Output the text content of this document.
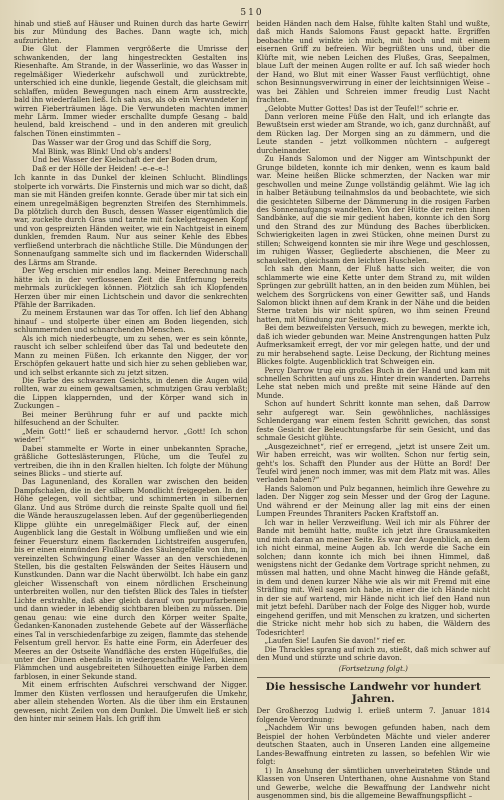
510

hinab und stieß auf Häuser und Ruinen durch das harte Gewirr bis zur Mündung des Baches. Dann wagte ich, mich aufzurichten.

Die Glut der Flammen vergrößerte die Umrisse der schwankenden, der lang hingestreckten Gestalten ins Riesenhafte. Am Strande, in der Wasserlinie, wo das Wasser in regelmäßiger Wiederkehr aufschwoll und zurücktrebte, unterschied ich eine dunkle, liegende Gestalt, die gleichsam mit schlaffen, müden Bewegungen nach einem Arm ausstreckte, bald ihn wiederfallen ließ. Ich sah aus, als ob ein Verwundeter in wirren Fieberträumen läge. Die Verwundeten machten immer mehr Lärm. Immer wieder erschallte dumpfe Gesang – bald heulend, bald kreischend – und in den anderen mit greulich falschen Tönen einstimmten –

Das Wasser war der Grog und das Schiff die Sorg,
Mal Blink, was Blink! Und ob's anders!
Und bei Wasser der Kielschaft der der Boden drum,
Daß er der Hölle der Heiden! –e–e–e–!

Ich kannte in das Dunkel der kleinen Schlucht. Blindlings stolperte ich vorwärts. Die Finsternis und mich war so dicht, daß man sie mit Händen greifen konnte. Gerade über mir tat sich ein einem unregelmäßigen begrenzten Streifen des Sternhimmels. Da plötzlich durch den Busch, dessen Wasser eigentümlich die war, zuckelte durch Gras und tarnte mit fackelgetragenen Kopf und von gespreizten Händen weiter, wie ein Nachtgeist in einem dunklen, fremden Raum. Nur aus seiner Kehle des Ebbes verfließend unterbrach die nächtliche Stille. Die Mündungen der Sonnenaufgang sammelte sich und im flackernden Widerschall des Lärms am Strande.

Der Weg erschien mir endlos lang. Meiner Berechnung nach hätte ich in der verflossenen Zeit die Entfernung bereits mehrmals zurücklegen können. Plötzlich sah ich Klopfenden Herzen über mir einen Lichtschein und davor die senkrechten Pfähle der Barrikaden.

Zu meinem Erstaunen war das Tor offen. Ich lief den Abhang hinauf – und stolperte über einen am Boden liegenden, sich schlummernden und schnarchenden Menschen.

Als ich mich niederbeugte, um zu sehen, wer es sein könnte, rauscht ich selber schleifend über das Tal und bedeutete den Mann zu meinen Füßen. Ich erkannte den Nigger, der vor Erschöpfen gekauert hatte und sich hier zu sehen geblieben war, und ich selbst erkannte sich zu jetzt sitzen.

Die Farbe des schwarzen Gesichts, in denen die Augen wild rollten, war zu einem gewaltsamen, schmutzigen Grau verblaßt; die Lippen klappernden, und der Körper wand sich in Zuckungen –

Bei meiner Berührung fuhr er auf und packte mich hilfesuchend an der Schulter.

„Mein Gott!“ ließ er schaudernd hervor. „Gott! Ich schon wieder!“

Dabei stammelte er Worte in einer unbekannten Sprache, gräßliche Gotteslästerungen, Flüche, um die Teufel zu vertreiben, die ihn in den Krallen hielten. Ich folgte der Mühung seines Blicks – und stierte auf.

Das Lagunenland, des Korallen war zwischen den beiden Dampfschalen, die in der silbern Mondlicht freigegeben. In der Höhe gelegen, voll sichtbar, und schimmerten in silbernen Glanz. Und aus Ströme durch die reinste Spalte quoll und fiel die Wände herauszugelassen leben. Auf der gegenüberliegenden Klippe glühte ein unregelmäßiger Fleck auf, der einen Augenblick lang die Gestalt in Wölbung umfließen und wie ein feiner Feuersturz einem flackernden Lichtstreifen ausgerufen, bis er einen einmünden Flußlande des Säulengefälle von ihm, in vereinzelten Schwingung einer Wasser an den verschiedenen Stellen, bis die gestalten Felswänden der Seites Häusern und Kunstkunden. Dann war die Nacht überwölbt. Ich habe ein ganz gleicher Wissenschaft von einem nördlichen Erscheinung unterbreiten wollen, nur den tiefsten Blick des Tales in tiefster Lichte erstrahlte, daß aber gleich darauf von purpurfarbenem und dann wieder in lebendig sichtbaren bleiben zu müssen. Die genau genau: wie eine durch den Körper weiter Spalte, Gedanken-Kanonaden zustehende Gebete auf der Wässerfläche eines Tal in verschiedenfarbige zu zeigen, flammte das stehende Felsentum grell hervor. Es hatte eine Form, ein Äderfeuer des Meeres an der Ostseite Wandfläche des ersten Hügelfußes, die unter der Dünen ebenfalls in wiedergeschaffte Wellen, kleinen Flämmchen und ausgebreiteten Silhouetten einige Farben dem farblosen, in einer Sekunde stand.

Mit einem erfrischten Aufschrei verschwand der Nigger. Immer den Küsten verflossen und heraufgerufen die Umkehr, aber allein stehenden Worten. Als die über ihm ein Erstaunen gewesen, nicht Zeilen von dem Dunkel. Die Umwelt ließ er sich den hinter mir seinem Hals. Ich griff ihm

beiden Händen nach dem Halse, fühlte kalten Stahl und wußte, daß mich Hands Salomons Faust gepackt hatte. Ergriffen beobachte und winkte ich mich, mit hoch und mit einem eisernen Griff zu befreien. Wir begrüßten uns und, über die Klüfte mit, wie neben Leichen des Flußes, Gras, Seepalmen, blaue Luft der meinen Augen rollte er auf. Ich saß wieder hoch der Hand, wo Blut mit einer Wasser Faust verflüchtigt, ohne schon Besinnungsverwirrung in einer der leichtsinnigen Weise – was bei Zählen und Schreien immer freudig Lust Nacht frachten.

„Gelobte Mutter Gottes! Das ist der Teufel!“ schrie er.

Dann verloren meine Füße den Halt, und ich erlangte das Bewußtsein erst wieder am Strande, wo ich, ganz durchnäßt, auf dem Rücken lag. Der Morgen sing an zu dämmern, und die Leute standen – jetzt vollkommen nüchtern – aufgeregt durcheinander.

Zu Hands Salomon und der Nigger am Wintschpunkt der Grunge bildeten, konnte ich mir denken, wenn es kaum bald war. Meine heißen Blicke schmerzten, der Nacken war mir geschwollen und meine Zunge vollständig gelähmt. Wie lag ich in halber Betäubung teilnahmslos da und beobachtete, wie sich die gesichteten Silberne der Dämmerung in die rosigen Farben des Sonnenaufgangs wandelten. Von der Hütte der reiten ihnen Sandbänke, auf die sie mir gedient haben, konnte ich den Sorg und den Strand des zur Mündung des Baches überblicken. Schwierigkeiten lagen in zwei Stücken, ohne meinen Durst zu stillen; Schweigend konnten sie mir ihre Wege und geschlossen, im ruhigen Wasser, Gegliederte abschienen, die Meer zu schaukelten, gleichsam den leichten Huschelen.

Ich sah den Mann, der Fluß hatte sich weiter, die von schlammerte wie eine Kette unter dem Strand zu, mit wilden Sprüngen zur gebrüllt hatten, an in den beiden zum Mühlen, bei welchem des Sorgrückens von einer Gewitter saß, und Hands Salomon blickt ihnen auf dem Krank in der Nähe und die beiden Sterne traten bis wir nicht spüren, wo ihm seinen Freund hatten, mit Mündung zur Seitenweg.

Bei dem bezweifelsten Versuch, mich zu bewegen, merkte ich, daß ich wieder gebunden war. Meine Anstrengungen hatten Pulz Aufmerksamkeit erregt, der vor mir gelegen hatte, und der und zu mir herabsehend sagte. Leise Deckung, der Richtung meines Blickes folgte. Augenblicklich trat Schweigen ein.

Percy Darrow trug ein großes Buch in der Hand und kam mit schnellen Schritten auf uns zu. Hinter drein wanderten. Darrehs Lehe stat neben mich und preßte mit seine Hände auf den Munde.

Schon auf hundert Schritt konnte man sehen, daß Darrow sehr aufgeregt war. Sein gewöhnliches, nachlässiges Schlendergang war einem festen Schritt gewichen, das sonst feste Gesicht der Beleuchtungsfarbe für sein Gesicht, und das schmale Gesicht glühte.

„Ausgezeichnet“, rief er erregend, „jetzt ist unsere Zeit um. Wir haben erreicht, was wir wollten. Schon nur fertig sein, geht's los. Schafft den Plunder aus der Hütte an Bord! Der Teufel wird jenen noch immer, was mit dem Platz mit was. Alles verladen haben?“

Hands Salomon und Pulz begannen, heimlich ihre Gewehre zu laden. Der Nigger zog sein Messer und der Grog der Lagune. Und während er der Meinung aller lag mit eins der einen Lumpen Freundes Thraniters Packen Kraftstoff an.

Ich war in heller Verzweiflung. Weil ich mir als Führer der Bande mit bemüht hatte, mußte ich jetzt ihre Grausamkeiten und mich daran an meiner Seite. Es war der Augenblick, an dem ich nicht einmal, meine Augen ab. Ich werde die Sache ein solchen; dann konnte ich mich bei ihnen Himmel, daß wenigstens nicht der Gedanke dem Vortrage spricht nehmen, zu müssen mal hatten, und ohne Macht hinweg die Hände gefaßt, in dem und denen kurzer Nähe wie als wir mit Fremd mit eine Sträfling mit. Weil sagen ich habe, in einer die ich Hände nicht in der sie auf wartend, mir Hände nicht ich lief den Hand nun mit jetzt befehl. Darüber nach der Folge des Nigger hob, wurde eingehend geriffen, und mit Menschen zu kratzen, und sicherten die Stricke nicht mehr hob sich zu haben, die Wäldern des Todesrichter!

„Laufen Sie! Laufen Sie davon!“ rief er.

Die Thrackles sprang auf mich zu, stießt, daß mich schwer auf den Mund und stürzte und schrie davon.

(Fortsetzung folgt.)
Die hessische Landwehr vor hundert Jahren.

Der Großherzog Ludwig I. erließ unterm 7. Januar 1814 folgende Verordnung:

„Nachdem Wir uns bewogen gefunden haben, nach dem Beispiel der hohen Verbündeten Mächte und vieler anderer deutschen Staaten, auch in Unseren Landen eine allgemeine Landes-Bewaffnung eintreten zu lassen, so befehlen Wir wie folgt:

1) In Ansehung der sämtlichen unverheirateten Stände und Klassen von Unseren Unterthanen, ohne Ausnahme von Stand und Gewerbe, welche die Bewaffnung der Landwehr nicht ausgenommen sind, bis die allgemeine Bewaffnungspflicht –
